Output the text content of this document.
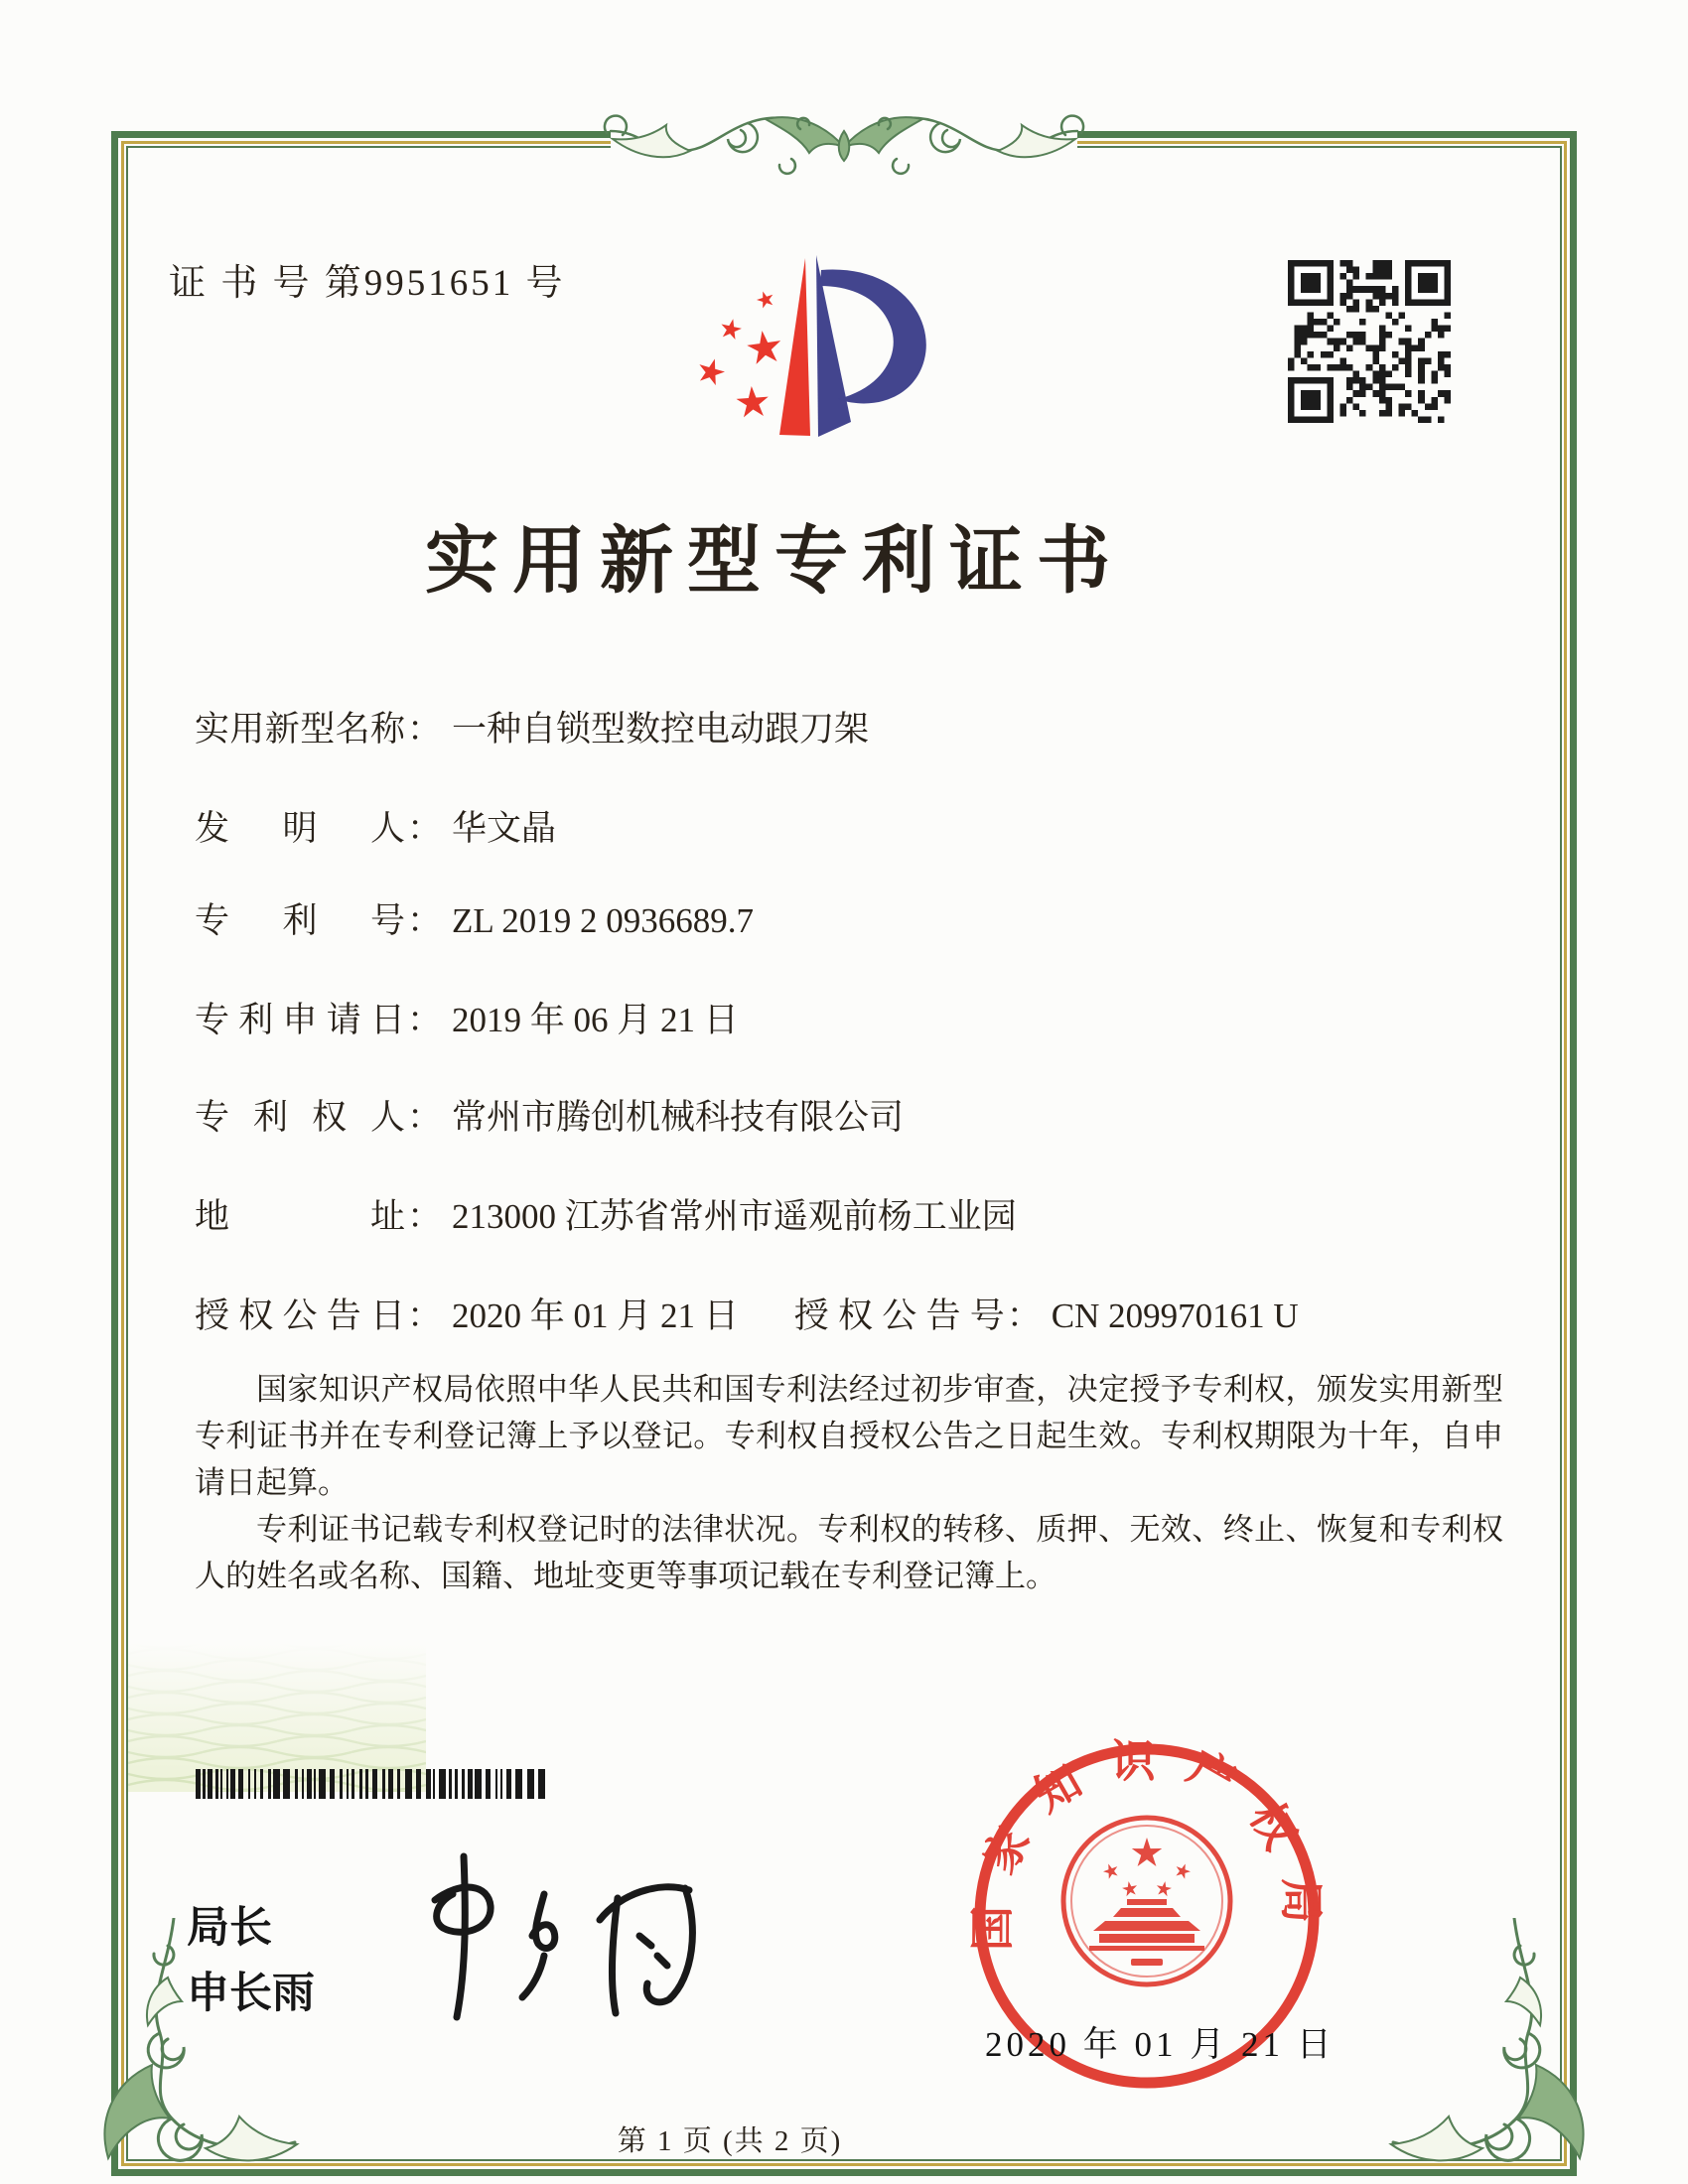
证 书 号 第9951651 号
实用新型专利证书
实用新型名称： 一种自锁型数控电动跟刀架
发明人： 华文晶
专利号： ZL 2019 2 0936689.7
专利申请日： 2019 年 06 月 21 日
专利权人： 常州市腾创机械科技有限公司
地址： 213000 江苏省常州市遥观前杨工业园
授权公告日： 2020 年 01 月 21 日 授权公告号： CN 209970161 U

国家知识产权局依照中华人民共和国专利法经过初步审查，决定授予专利权，颁发实用新型专利证书并在专利登记簿上予以登记。专利权自授权公告之日起生效。专利权期限为十年，自申请日起算。

专利证书记载专利权登记时的法律状况。专利权的转移、质押、无效、终止、恢复和专利权人的姓名或名称、国籍、地址变更等事项记载在专利登记簿上。

局长
申长雨
国家知识产权局
2020 年 01 月 21 日
第 1 页 (共 2 页)
